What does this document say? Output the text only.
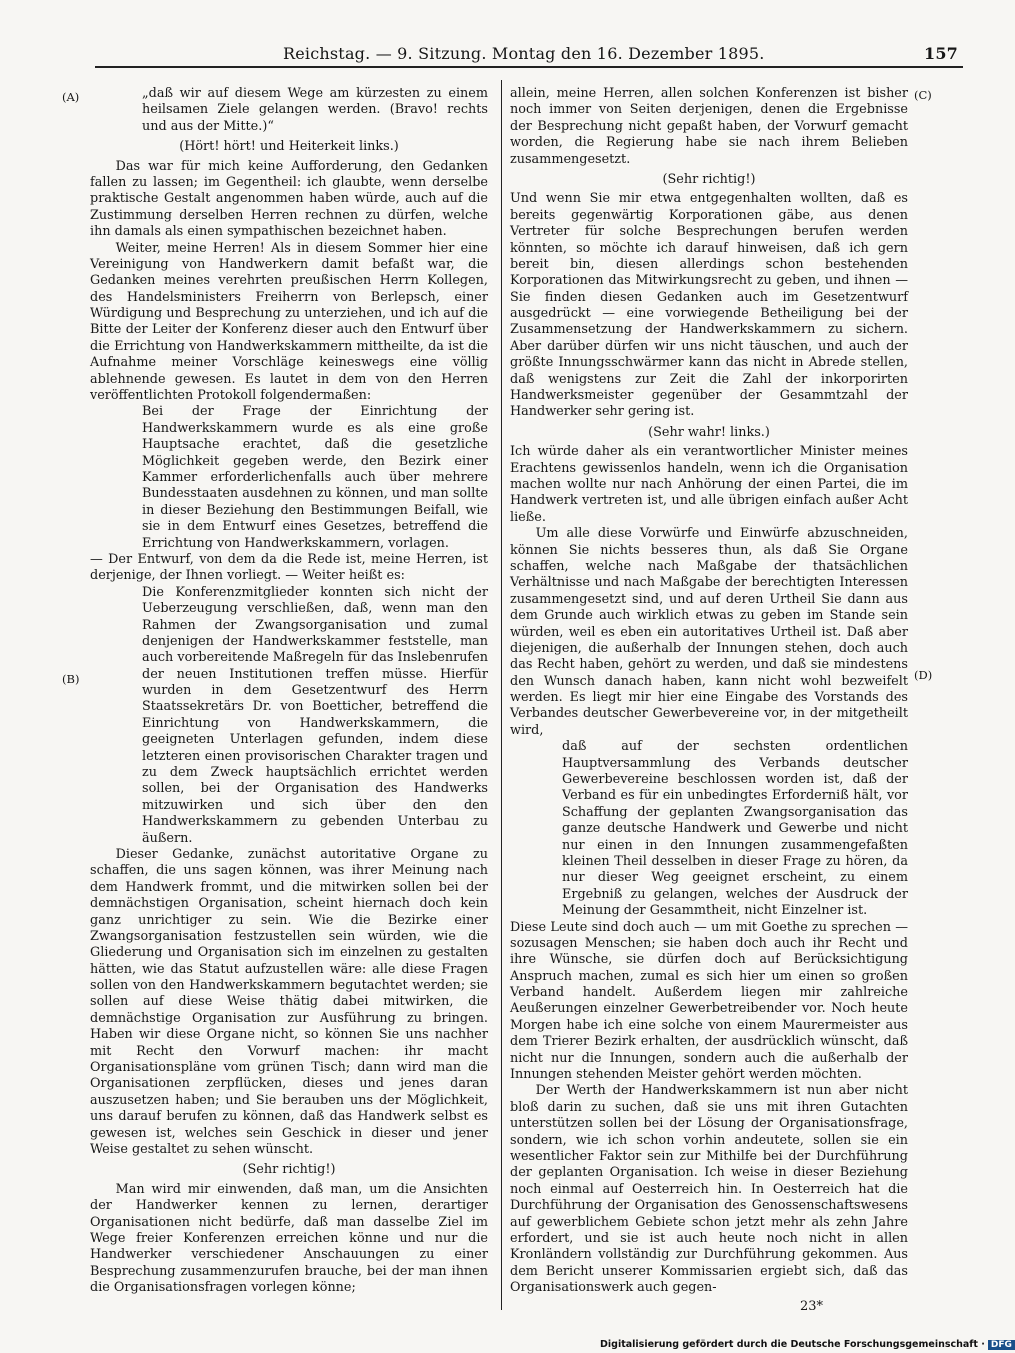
Reichstag. — 9. Sitzung. Montag den 16. Dezember 1895.	157
(A)
(B)
(C)
(D)

„daß wir auf diesem Wege am kürzesten zu einem heilsamen Ziele gelangen werden. (Bravo! rechts und aus der Mitte.)“

(Hört! hört! und Heiterkeit links.)

Das war für mich keine Aufforderung, den Gedanken fallen zu lassen; im Gegentheil: ich glaubte, wenn derselbe praktische Gestalt angenommen haben würde, auch auf die Zustimmung derselben Herren rechnen zu dürfen, welche ihn damals als einen sympathischen bezeichnet haben.

Weiter, meine Herren! Als in diesem Sommer hier eine Vereinigung von Handwerkern damit befaßt war, die Gedanken meines verehrten preußischen Herrn Kollegen, des Handelsministers Freiherrn von Berlepsch, einer Würdigung und Besprechung zu unterziehen, und ich auf die Bitte der Leiter der Konferenz dieser auch den Entwurf über die Errichtung von Handwerkskammern mittheilte, da ist die Aufnahme meiner Vorschläge keineswegs eine völlig ablehnende gewesen. Es lautet in dem von den Herren veröffentlichten Protokoll folgendermaßen:

Bei der Frage der Einrichtung der Handwerkskammern wurde es als eine große Hauptsache erachtet, daß die gesetzliche Möglichkeit gegeben werde, den Bezirk einer Kammer erforderlichenfalls auch über mehrere Bundesstaaten ausdehnen zu können, und man sollte in dieser Beziehung den Bestimmungen Beifall, wie sie in dem Entwurf eines Gesetzes, betreffend die Errichtung von Handwerkskammern, vorlagen.

— Der Entwurf, von dem da die Rede ist, meine Herren, ist derjenige, der Ihnen vorliegt. — Weiter heißt es:

Die Konferenzmitglieder konnten sich nicht der Ueberzeugung verschließen, daß, wenn man den Rahmen der Zwangsorganisation und zumal denjenigen der Handwerkskammer feststelle, man auch vorbereitende Maßregeln für das Inslebenrufen der neuen Institutionen treffen müsse. Hierfür wurden in dem Gesetzentwurf des Herrn Staatssekretärs Dr. von Boetticher, betreffend die Einrichtung von Handwerkskammern, die geeigneten Unterlagen gefunden, indem diese letzteren einen provisorischen Charakter tragen und zu dem Zweck hauptsächlich errichtet werden sollen, bei der Organisation des Handwerks mitzuwirken und sich über den den Handwerkskammern zu gebenden Unterbau zu äußern.

Dieser Gedanke, zunächst autoritative Organe zu schaffen, die uns sagen können, was ihrer Meinung nach dem Handwerk frommt, und die mitwirken sollen bei der demnächstigen Organisation, scheint hiernach doch kein ganz unrichtiger zu sein. Wie die Bezirke einer Zwangsorganisation festzustellen sein würden, wie die Gliederung und Organisation sich im einzelnen zu gestalten hätten, wie das Statut aufzustellen wäre: alle diese Fragen sollen von den Handwerkskammern begutachtet werden; sie sollen auf diese Weise thätig dabei mitwirken, die demnächstige Organisation zur Ausführung zu bringen. Haben wir diese Organe nicht, so können Sie uns nachher mit Recht den Vorwurf machen: ihr macht Organisationspläne vom grünen Tisch; dann wird man die Organisationen zerpflücken, dieses und jenes daran auszusetzen haben; und Sie berauben uns der Möglichkeit, uns darauf berufen zu können, daß das Handwerk selbst es gewesen ist, welches sein Geschick in dieser und jener Weise gestaltet zu sehen wünscht.

(Sehr richtig!)

Man wird mir einwenden, daß man, um die Ansichten der Handwerker kennen zu lernen, derartiger Organisationen nicht bedürfe, daß man dasselbe Ziel im Wege freier Konferenzen erreichen könne und nur die Handwerker verschiedener Anschauungen zu einer Besprechung zusammenzurufen brauche, bei der man ihnen die Organisationsfragen vorlegen könne;

allein, meine Herren, allen solchen Konferenzen ist bisher noch immer von Seiten derjenigen, denen die Ergebnisse der Besprechung nicht gepaßt haben, der Vorwurf gemacht worden, die Regierung habe sie nach ihrem Belieben zusammengesetzt.

(Sehr richtig!)

Und wenn Sie mir etwa entgegenhalten wollten, daß es bereits gegenwärtig Korporationen gäbe, aus denen Vertreter für solche Besprechungen berufen werden könnten, so möchte ich darauf hinweisen, daß ich gern bereit bin, diesen allerdings schon bestehenden Korporationen das Mitwirkungsrecht zu geben, und ihnen — Sie finden diesen Gedanken auch im Gesetzentwurf ausgedrückt — eine vorwiegende Betheiligung bei der Zusammensetzung der Handwerkskammern zu sichern. Aber darüber dürfen wir uns nicht täuschen, und auch der größte Innungsschwärmer kann das nicht in Abrede stellen, daß wenigstens zur Zeit die Zahl der inkorporirten Handwerksmeister gegenüber der Gesammtzahl der Handwerker sehr gering ist.

(Sehr wahr! links.)

Ich würde daher als ein verantwortlicher Minister meines Erachtens gewissenlos handeln, wenn ich die Organisation machen wollte nur nach Anhörung der einen Partei, die im Handwerk vertreten ist, und alle übrigen einfach außer Acht ließe.

Um alle diese Vorwürfe und Einwürfe abzuschneiden, können Sie nichts besseres thun, als daß Sie Organe schaffen, welche nach Maßgabe der thatsächlichen Verhältnisse und nach Maßgabe der berechtigten Interessen zusammengesetzt sind, und auf deren Urtheil Sie dann aus dem Grunde auch wirklich etwas zu geben im Stande sein würden, weil es eben ein autoritatives Urtheil ist. Daß aber diejenigen, die außerhalb der Innungen stehen, doch auch das Recht haben, gehört zu werden, und daß sie mindestens den Wunsch danach haben, kann nicht wohl bezweifelt werden. Es liegt mir hier eine Eingabe des Vorstands des Verbandes deutscher Gewerbevereine vor, in der mitgetheilt wird,

daß auf der sechsten ordentlichen Hauptversammlung des Verbands deutscher Gewerbevereine beschlossen worden ist, daß der Verband es für ein unbedingtes Erforderniß hält, vor Schaffung der geplanten Zwangsorganisation das ganze deutsche Handwerk und Gewerbe und nicht nur einen in den Innungen zusammengefaßten kleinen Theil desselben in dieser Frage zu hören, da nur dieser Weg geeignet erscheint, zu einem Ergebniß zu gelangen, welches der Ausdruck der Meinung der Gesammtheit, nicht Einzelner ist.

Diese Leute sind doch auch — um mit Goethe zu sprechen — sozusagen Menschen; sie haben doch auch ihr Recht und ihre Wünsche, sie dürfen doch auf Berücksichtigung Anspruch machen, zumal es sich hier um einen so großen Verband handelt. Außerdem liegen mir zahlreiche Aeußerungen einzelner Gewerbetreibender vor. Noch heute Morgen habe ich eine solche von einem Maurermeister aus dem Trierer Bezirk erhalten, der ausdrücklich wünscht, daß nicht nur die Innungen, sondern auch die außerhalb der Innungen stehenden Meister gehört werden möchten.

Der Werth der Handwerkskammern ist nun aber nicht bloß darin zu suchen, daß sie uns mit ihren Gutachten unterstützen sollen bei der Lösung der Organisationsfrage, sondern, wie ich schon vorhin andeutete, sollen sie ein wesentlicher Faktor sein zur Mithilfe bei der Durchführung der geplanten Organisation. Ich weise in dieser Beziehung noch einmal auf Oesterreich hin. In Oesterreich hat die Durchführung der Organisation des Genossenschaftswesens auf gewerblichem Gebiete schon jetzt mehr als zehn Jahre erfordert, und sie ist auch heute noch nicht in allen Kronländern vollständig zur Durchführung gekommen. Aus dem Bericht unserer Kommissarien ergiebt sich, daß das Organisationswerk auch gegen-

23*
Digitalisierung gefördert durch die Deutsche Forschungsgemeinschaft · DFG
